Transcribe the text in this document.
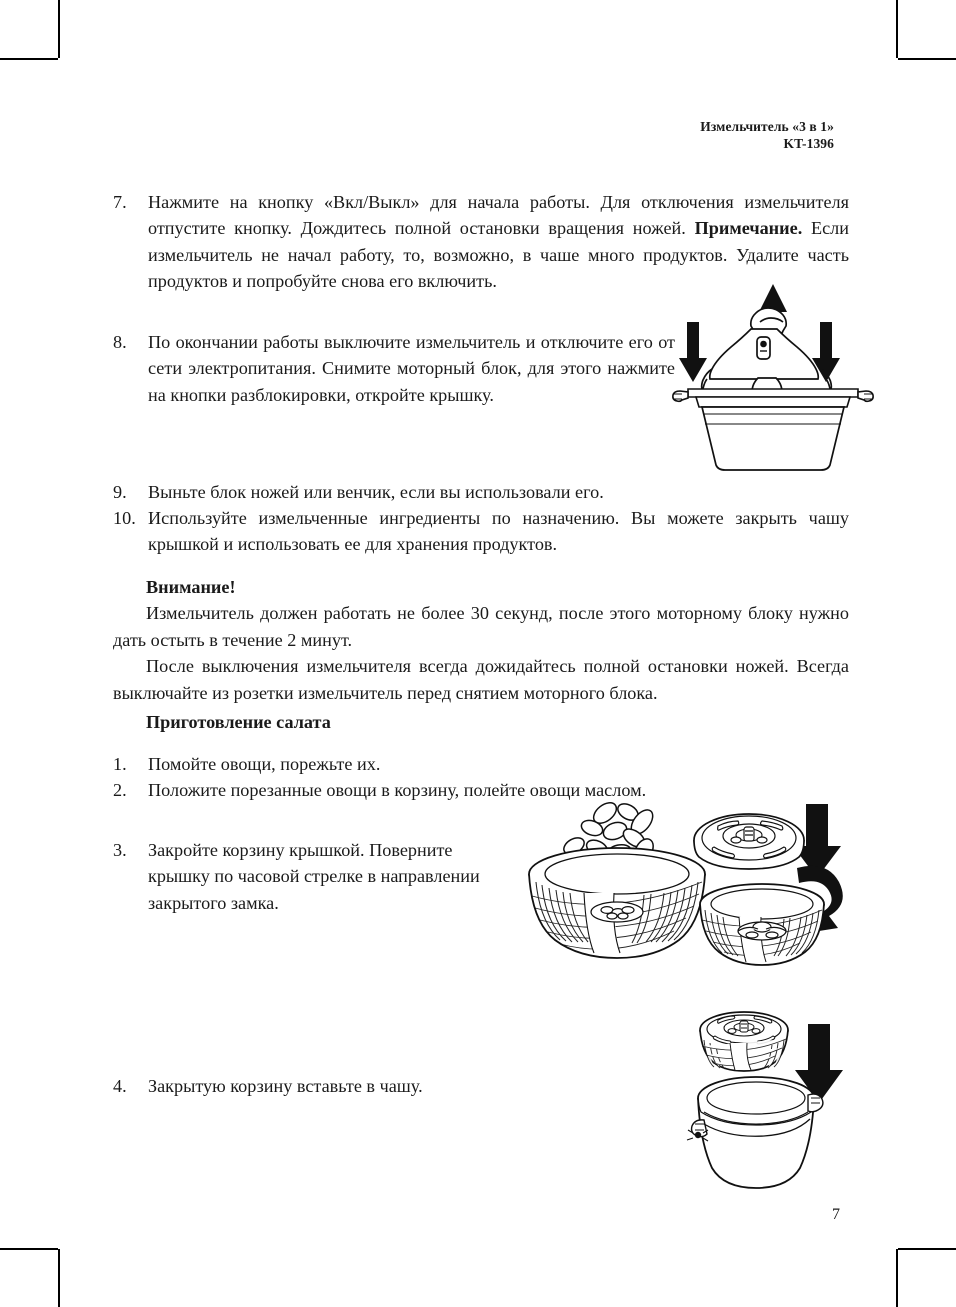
Измельчитель «3 в 1»
KT-1396
7.	Нажмите на кнопку «Вкл/Выкл» для начала работы. Для отключения измельчителя отпустите кнопку. Дождитесь полной остановки вращения ножей. Примечание. Если измельчитель не начал работу, то, возможно, в чаше много продуктов. Удалите часть продуктов и попробуйте снова его включить.
8.	По окончании работы выключите измельчитель и отключите его от сети электропитания. Снимите моторный блок, для этого нажмите на кнопки разблокировки, откройте крышку.
9.	Выньте блок ножей или венчик, если вы использовали его.
10. Используйте измельченные ингредиенты по назначению. Вы можете закрыть чашу крышкой и использовать ее для хранения продуктов.
Внимание!
Измельчитель должен работать не более 30 секунд, после этого моторному блоку нужно дать остыть в течение 2 минут.
После выключения измельчителя всегда дожидайтесь полной остановки ножей. Всегда выключайте из розетки измельчитель перед снятием моторного блока.
Приготовление салата
1.	Помойте овощи, порежьте их.
2.	Положите порезанные овощи в корзину, полейте овощи маслом.
3.	Закройте корзину крышкой. Поверните крышку по часовой стрелке в направлении закрытого замка.
4.	Закрытую корзину вставьте в чашу.
7
